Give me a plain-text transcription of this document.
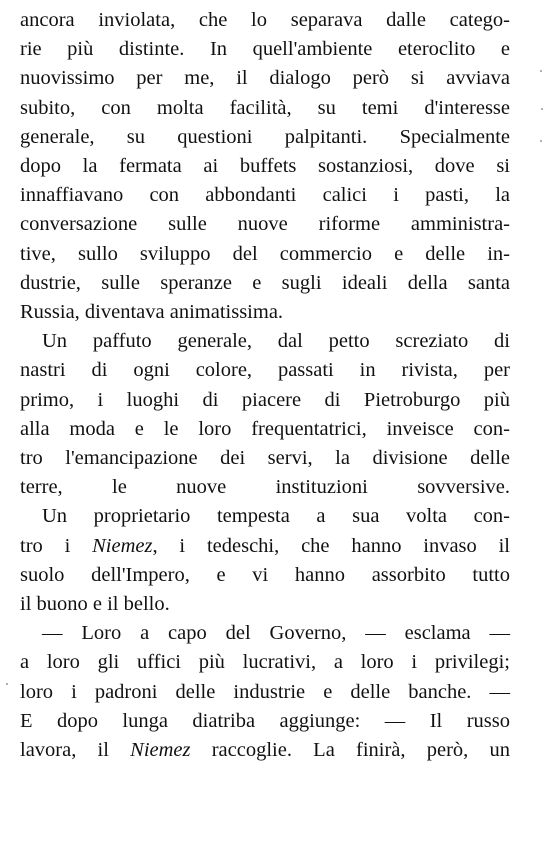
ancora inviolata, che lo separava dalle catego-
rie più distinte. In quell'ambiente eteroclito e
nuovissimo per me, il dialogo però si avviava
subito, con molta facilità, su temi d'interesse
generale, su questioni palpitanti. Specialmente
dopo la fermata ai buffets sostanziosi, dove si
innaffiavano con abbondanti calici i pasti, la
conversazione sulle nuove riforme amministra-
tive, sullo sviluppo del commercio e delle in-
dustrie, sulle speranze e sugli ideali della santa
Russia, diventava animatissima.
Un paffuto generale, dal petto screziato di
nastri di ogni colore, passati in rivista, per
primo, i luoghi di piacere di Pietroburgo più
alla moda e le loro frequentatrici, inveisce con-
tro l'emancipazione dei servi, la divisione delle
terre, le nuove instituzioni sovversive.
Un proprietario tempesta a sua volta con-
tro i Niemez, i tedeschi, che hanno invaso il
suolo dell'Impero, e vi hanno assorbito tutto
il buono e il bello.
— Loro a capo del Governo, — esclama —
a loro gli uffici più lucrativi, a loro i privilegi;
loro i padroni delle industrie e delle banche. —
E dopo lunga diatriba aggiunge: — Il russo
lavora, il Niemez raccoglie. La finirà, però, un
